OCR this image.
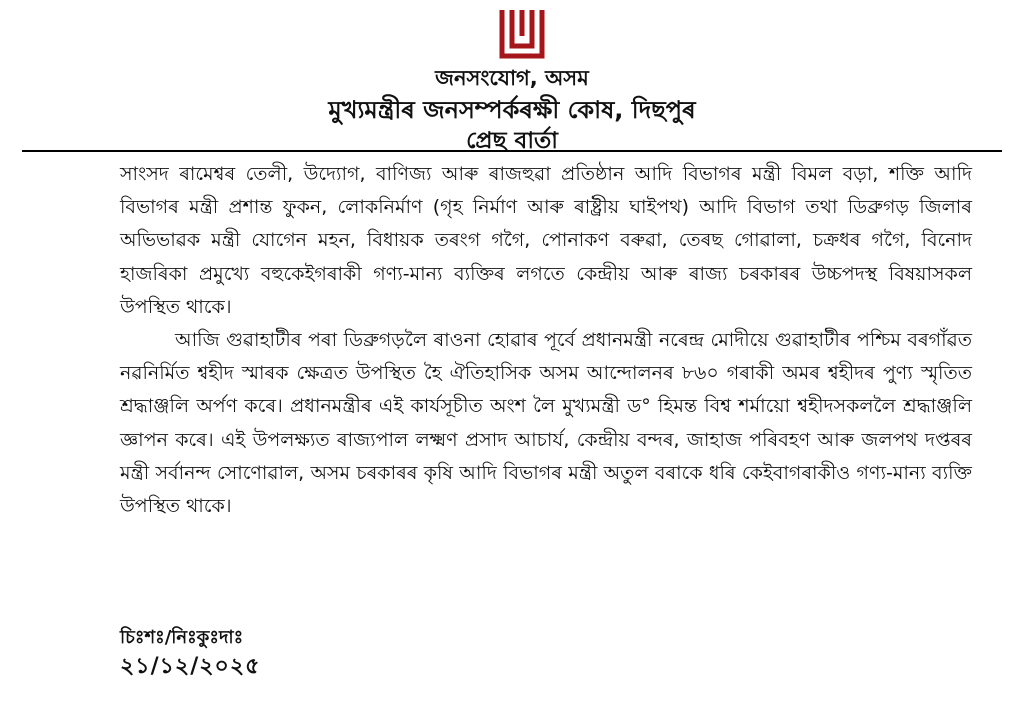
জনসংযোগ, অসম
মুখ্যমন্ত্ৰীৰ জনসম্পৰ্কৰক্ষী কোষ, দিছপুৰ
প্ৰেছ বাৰ্তা

সাংসদ ৰামেশ্বৰ তেলী, উদ্যোগ, বাণিজ্য আৰু ৰাজহুৱা প্ৰতিষ্ঠান আদি বিভাগৰ মন্ত্ৰী বিমল বড়া, শক্তি আদি বিভাগৰ মন্ত্ৰী প্ৰশান্ত ফুকন, লোকনিৰ্মাণ (গৃহ নিৰ্মাণ আৰু ৰাষ্ট্ৰীয় ঘাইপথ) আদি বিভাগ তথা ডিব্ৰুগড় জিলাৰ অভিভাৱক মন্ত্ৰী যোগেন মহন, বিধায়ক তৰংগ গগৈ, পোনাকণ বৰুৱা, তেৰছ গোৱালা, চক্ৰধৰ গগৈ, বিনোদ হাজৰিকা প্ৰমুখ্যে বহুকেইগৰাকী গণ্য-মান্য ব্যক্তিৰ লগতে কেন্দ্ৰীয় আৰু ৰাজ্য চৰকাৰৰ উচ্চপদস্থ বিষয়াসকল উপস্থিত থাকে।

আজি গুৱাহাটীৰ পৰা ডিব্ৰুগড়লৈ ৰাওনা হোৱাৰ পূৰ্বে প্ৰধানমন্ত্ৰী নৰেন্দ্ৰ মোদীয়ে গুৱাহাটীৰ পশ্চিম বৰগাঁৱত নৱনিৰ্মিত শ্বহীদ স্মাৰক ক্ষেত্ৰত উপস্থিত হৈ ঐতিহাসিক অসম আন্দোলনৰ ৮৬০ গৰাকী অমৰ শ্বহীদৰ পুণ্য স্মৃতিত শ্ৰদ্ধাঞ্জলি অৰ্পণ কৰে। প্ৰধানমন্ত্ৰীৰ এই কাৰ্যসূচীত অংশ লৈ মুখ্যমন্ত্ৰী ড° হিমন্ত বিশ্ব শৰ্মায়ো শ্বহীদসকললৈ শ্ৰদ্ধাঞ্জলি জ্ঞাপন কৰে। এই উপলক্ষ্যত ৰাজ্যপাল লক্ষ্মণ প্ৰসাদ আচাৰ্য, কেন্দ্ৰীয় বন্দৰ, জাহাজ পৰিবহণ আৰু জলপথ দপ্তৰৰ মন্ত্ৰী সৰ্বানন্দ সোণোৱাল, অসম চৰকাৰৰ কৃষি আদি বিভাগৰ মন্ত্ৰী অতুল বৰাকে ধৰি কেইবাগৰাকীও গণ্য-মান্য ব্যক্তি উপস্থিত থাকে।

চিঃশঃ/নিঃকুঃদাঃ
২১/১২/২০২৫
